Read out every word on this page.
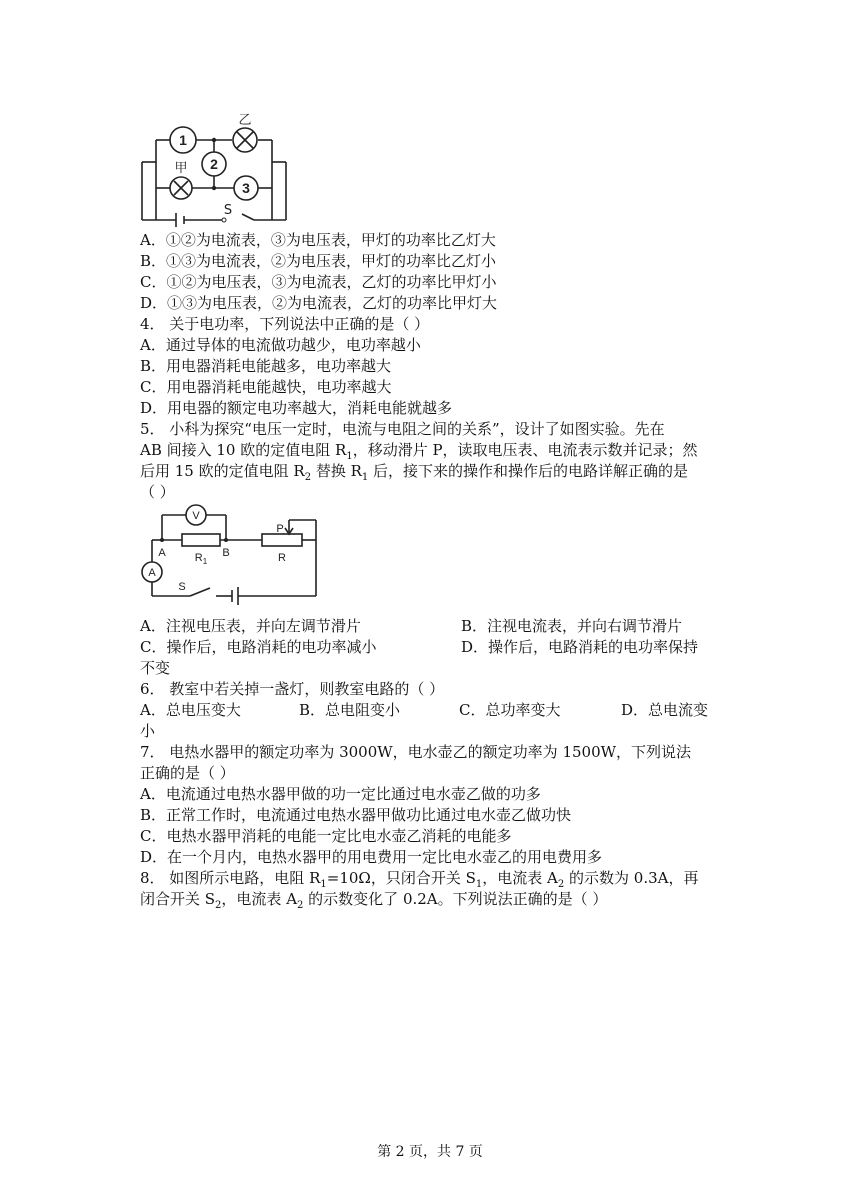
1
2
3
乙
甲
S
A．①②为电流表，③为电压表，甲灯的功率比乙灯大
B．①③为电流表，②为电压表，甲灯的功率比乙灯小
C．①②为电压表，③为电流表，乙灯的功率比甲灯小
D．①③为电压表，②为电流表，乙灯的功率比甲灯大
4． 关于电功率，下列说法中正确的是（ ）
A．通过导体的电流做功越少，电功率越小
B．用电器消耗电能越多，电功率越大
C．用电器消耗电能越快，电功率越大
D．用电器的额定电功率越大，消耗电能就越多
5． 小科为探究“电压一定时，电流与电阻之间的关系”，设计了如图实验。先在
AB 间接入 10 欧的定值电阻 $R_1$，移动滑片 P，读取电压表、电流表示数并记录；然
后用 15 欧的定值电阻 $R_2$ 替换 $R_1$ 后，接下来的操作和操作后的电路详解正确的是
（ ）
V
A
A	B
$R_1$
P
R
S
A．注视电压表，并向左调节滑片	B．注视电流表，并向右调节滑片
C．操作后，电路消耗的电功率减小	D．操作后，电路消耗的电功率保持
不变
6． 教室中若关掉一盏灯，则教室电路的（ ）
A．总电压变大	B．总电阻变小	C．总功率变大	D．总电流变
小
7． 电热水器甲的额定功率为 3000W，电水壶乙的额定功率为 1500W，下列说法
正确的是（ ）
A．电流通过电热水器甲做的功一定比通过电水壶乙做的功多
B．正常工作时，电流通过电热水器甲做功比通过电水壶乙做功快
C．电热水器甲消耗的电能一定比电水壶乙消耗的电能多
D．在一个月内，电热水器甲的用电费用一定比电水壶乙的用电费用多
8． 如图所示电路，电阻 $R_1=10\Omega$，只闭合开关 $S_1$，电流表 $A_2$ 的示数为 0.3A，再
闭合开关 $S_2$，电流表 $A_2$ 的示数变化了 0.2A。下列说法正确的是（ ）
第 2 页，共 7 页
